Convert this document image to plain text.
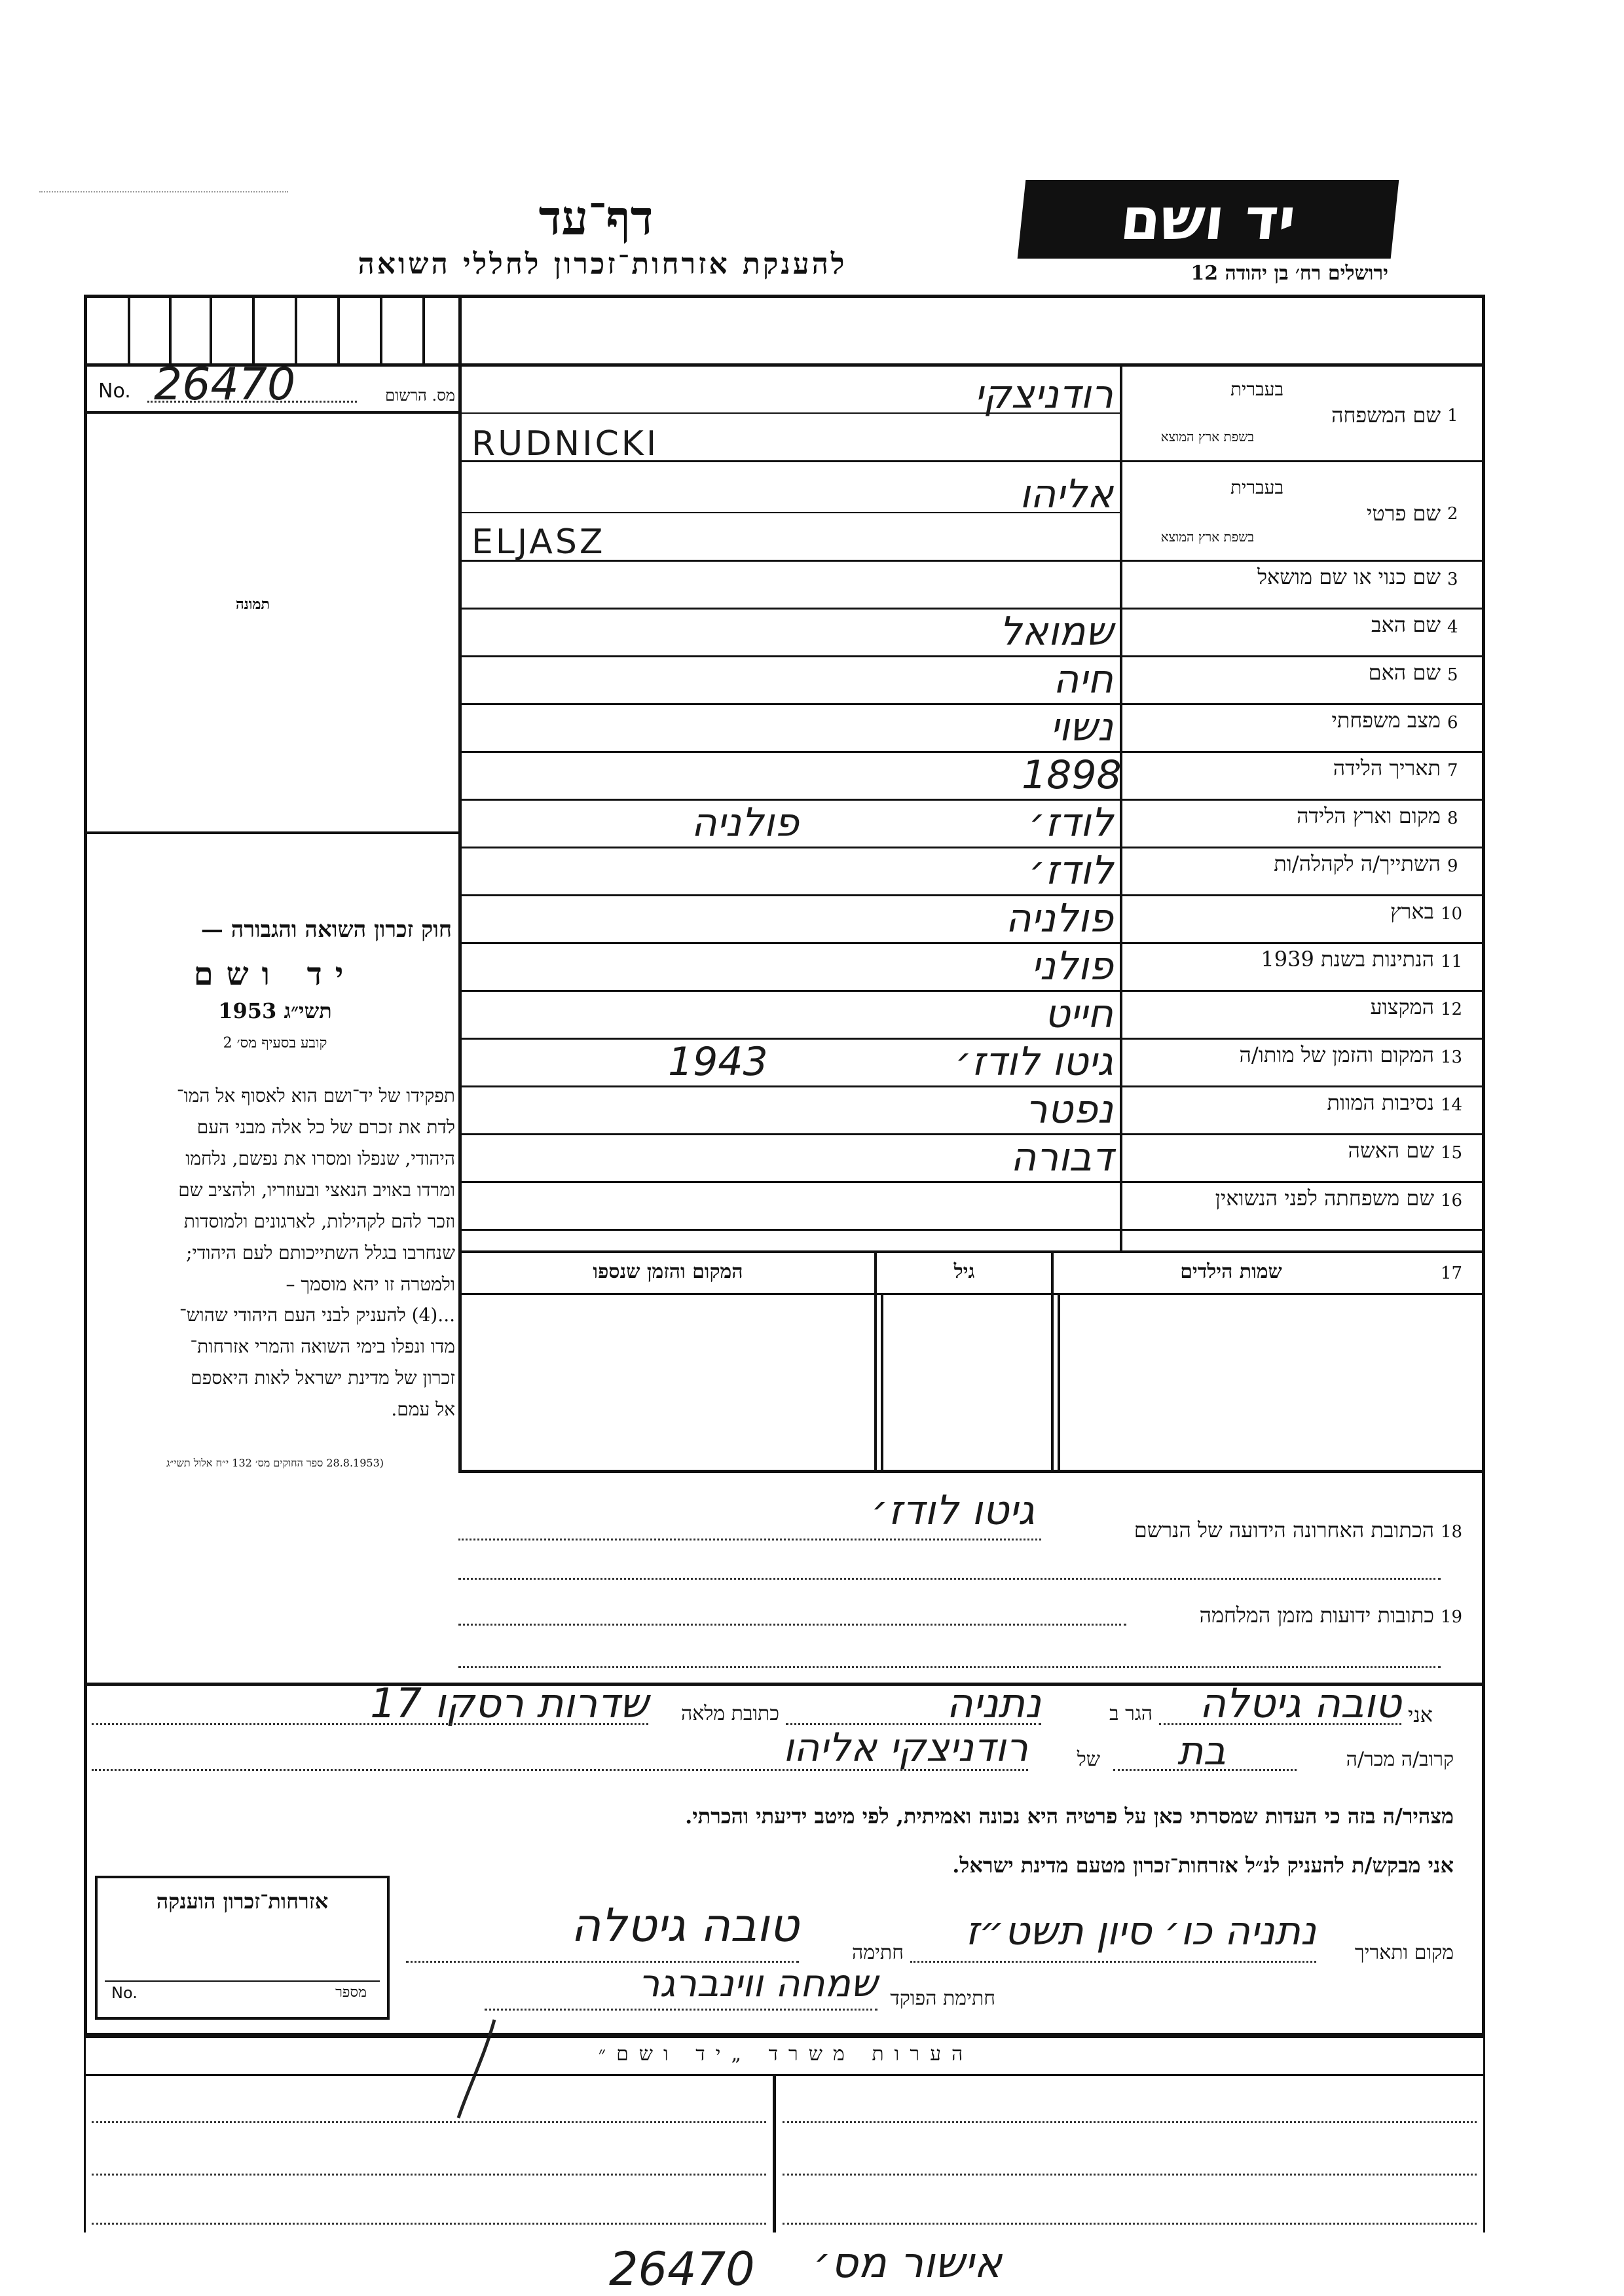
דף־עד
להענקת אזרחות־זכרון לחללי השואה
יד ושם
ירושלים רח׳ בן יהודה 12
No. 26470	מס. הרשום
תמונה
חוק זכרון השואה והגבורה —
יד ושם
תשי״ג 1953
קובע בסעיף מס׳ 2
תפקידו של יד־ושם הוא לאסוף אל המו־
לדת את זכרם של כל אלה מבני העם
היהודי, שנפלו ומסרו את נפשם, נלחמו
ומרדו באויב הנאצי ובעוזריו, ולהציב שם
וזכר להם לקהילות, לארגונים ולמוסדות
שנחרבו בגלל השתייכותם לעם היהודי;
ולמטרה זו יהא מוסמך –
...(4) להעניק לבני העם היהודי שהוש־
מדו ונפלו בימי השואה והמרי אזרחות־
זכרון של מדינת ישראל לאות היאספם
אל עמם.
(28.8.1953 ספר החוקים מס׳ 132 י״ח אלול תשי״ג
1
שם המשפחה
בעברית
בשפת ארץ המוצא
רודניצקי
RUDNICKI
2
שם פרטי
בעברית
בשפת ארץ המוצא
אליהו
ELJASZ
3
שם כנוי או שם מושאל
4
שם האב
שמואל
5
שם האם
חיה
6
מצב משפחתי
נשוי
7
תאריך הלידה
1898
8
מקום וארץ הלידה
לודז׳
פולניה
9
השתייך/ה לקהלה/ות
לודז׳
10
בארץ
פולניה
11
הנתינות בשנת 1939
פולני
12
המקצוע
חייט
13
המקום והזמן של מותו/ה
גיטו לודז׳
1943
14
נסיבות המוות
נפטר
15
שם האשה
דבורה
16
שם משפחתה לפני הנשואין
17
שמות הילדים
גיל
המקום והזמן שנספו
18
הכתובת האחרונה הידועה של הנרשם
גיטו לודז׳
19
כתובות ידועות מזמן המלחמה
אני
טובה גיטלה
הגר ב
נתניה
כתובת מלאה
שדרות רסקו 17
קרוב/ה מכר/ה
בת
של
רודניצקי אליהו
מצהיר/ה בזה כי העדות שמסרתי כאן על פרטיה היא נכונה ואמיתית, לפי מיטב ידיעתי והכרתי.
אני מבקש/ת להעניק לנ״ל אזרחות־זכרון מטעם מדינת ישראל.
אזרחות־זכרון הוענקה
No.	מספר
מקום ותאריך
נתניה כו׳ סיון תשט״ז
חתימה
טובה גיטלה
חתימת הפוקד
שמחה ווינברגר
הערות משרד „יד ושם״
אישור מס׳
26470
